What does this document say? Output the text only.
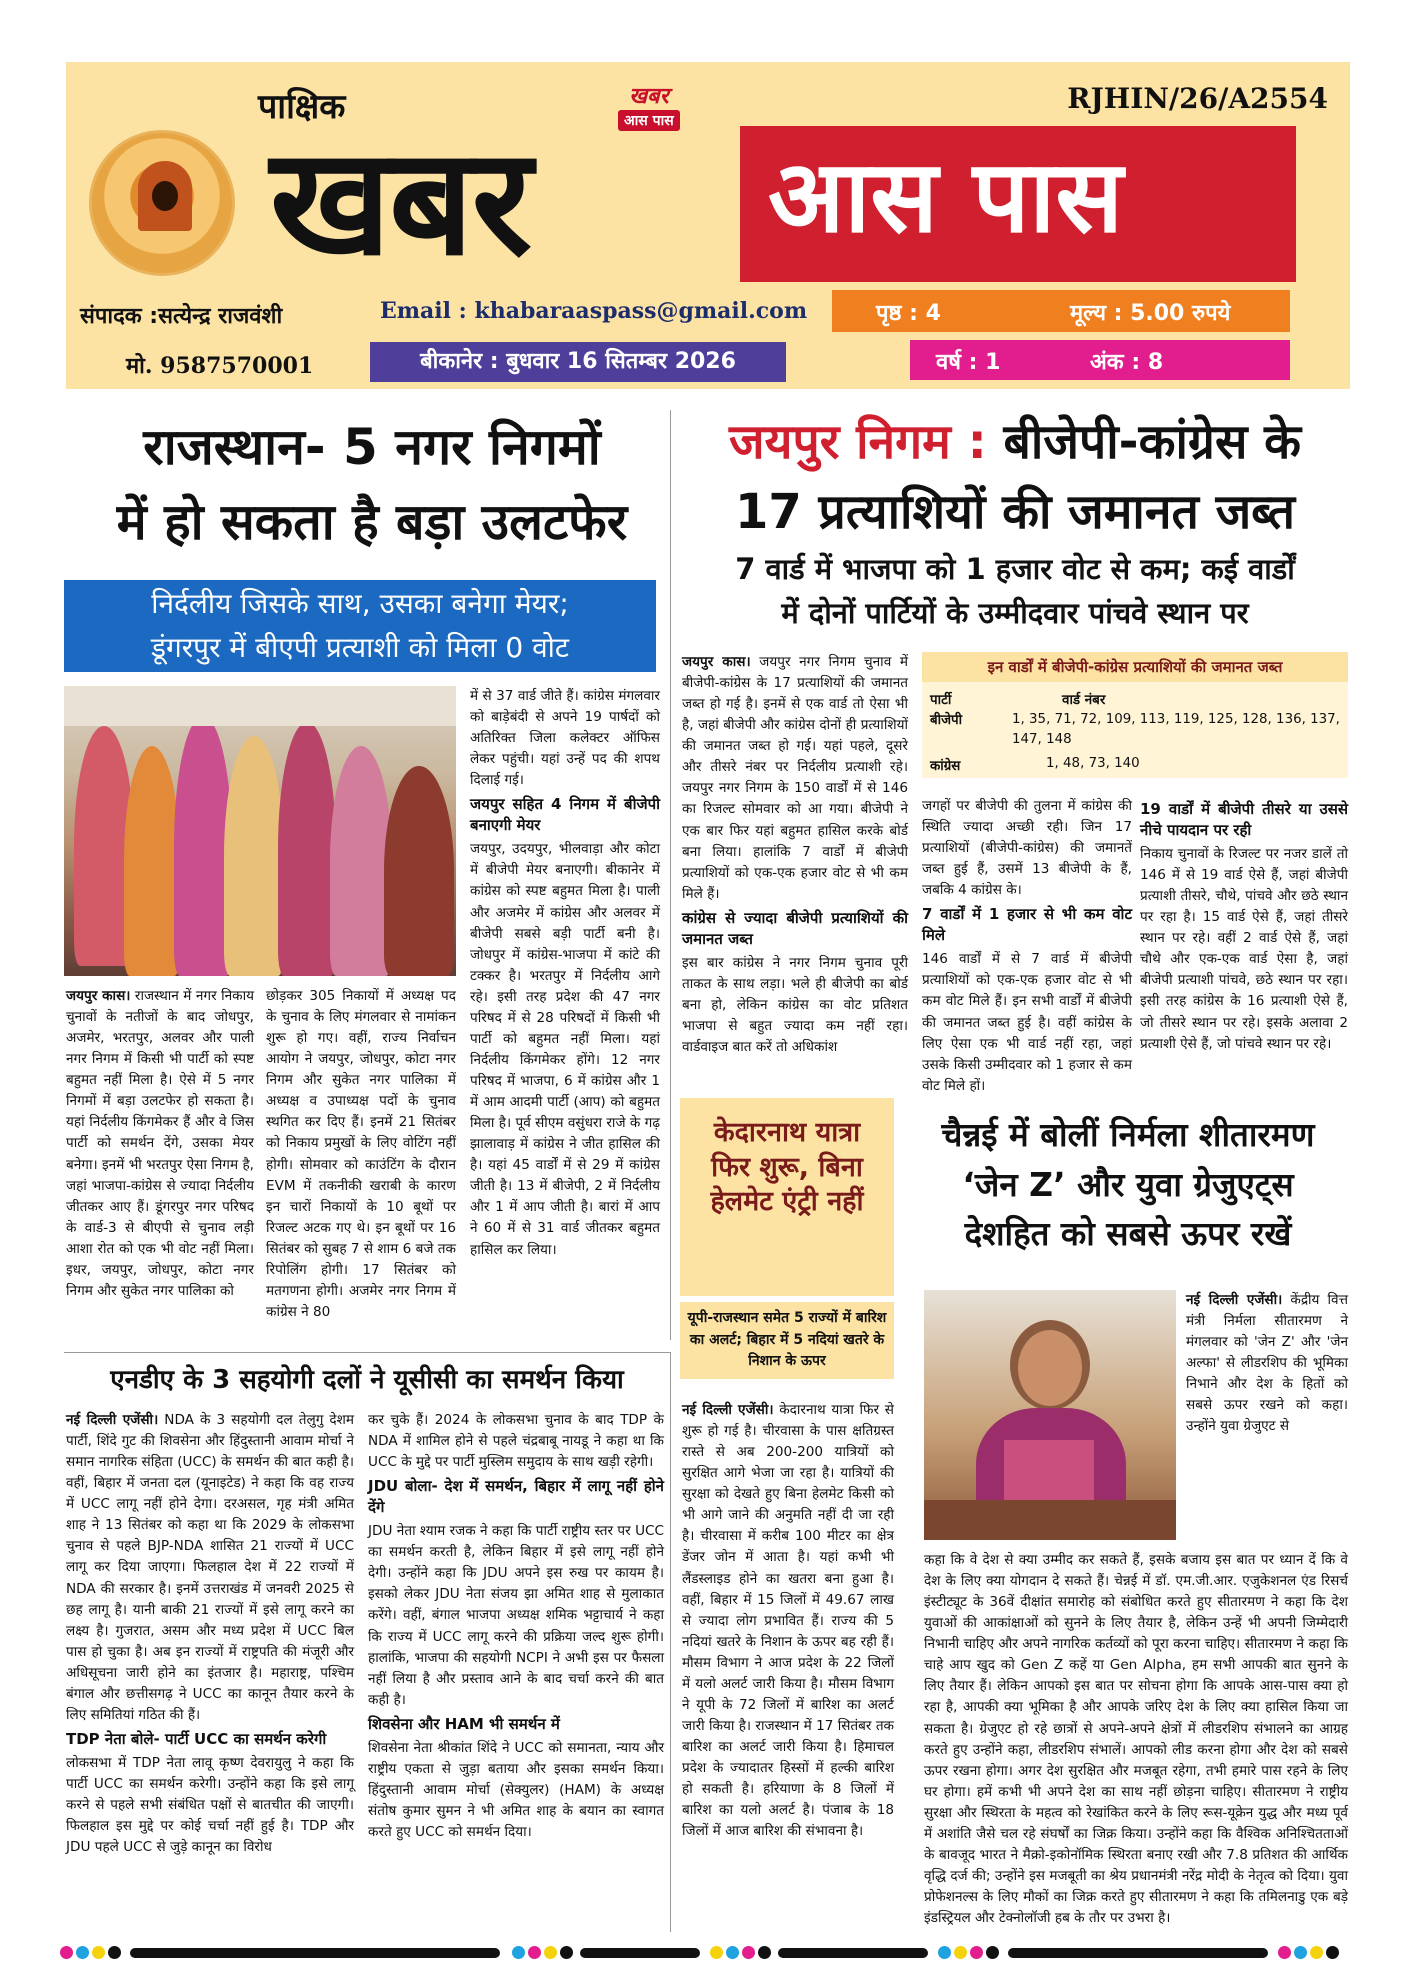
पाक्षिक
खबर
खबर
आस पास
RJHIN/26/A2554
आस पास
संपादक :सत्येन्द्र राजवंशी
मो. 9587570001
Email : khabaraaspass@gmail.com	पृष्ठ : 4	मूल्य : 5.00 रुपये
बीकानेर : बुधवार 16 सितम्बर 2026	वर्ष : 1	अंक : 8
राजस्थान- 5 नगर निगमों
में हो सकता है बड़ा उलटफेर
निर्दलीय जिसके साथ, उसका बनेगा मेयर;
डूंगरपुर में बीएपी प्रत्याशी को मिला 0 वोट
जयपुर कास। राजस्थान में नगर निकाय चुनावों के नतीजों के बाद जोधपुर, अजमेर, भरतपुर, अलवर और पाली नगर निगम में किसी भी पार्टी को स्पष्ट बहुमत नहीं मिला है। ऐसे में 5 नगर निगमों में बड़ा उलटफेर हो सकता है। यहां निर्दलीय किंगमेकर हैं और वे जिस पार्टी को समर्थन देंगे, उसका मेयर बनेगा। इनमें भी भरतपुर ऐसा निगम है, जहां भाजपा-कांग्रेस से ज्यादा निर्दलीय जीतकर आए हैं। डूंगरपुर नगर परिषद के वार्ड-3 से बीएपी से चुनाव लड़ी आशा रोत को एक भी वोट नहीं मिला। इधर, जयपुर, जोधपुर, कोटा नगर निगम और सुकेत नगर पालिका को
छोड़कर 305 निकायों में अध्यक्ष पद के चुनाव के लिए मंगलवार से नामांकन शुरू हो गए। वहीं, राज्य निर्वाचन आयोग ने जयपुर, जोधपुर, कोटा नगर निगम और सुकेत नगर पालिका में अध्यक्ष व उपाध्यक्ष पदों के चुनाव स्थगित कर दिए हैं। इनमें 21 सितंबर को निकाय प्रमुखों के लिए वोटिंग नहीं होगी। सोमवार को काउंटिंग के दौरान EVM में तकनीकी खराबी के कारण इन चारों निकायों के 10 बूथों पर रिजल्ट अटक गए थे। इन बूथों पर 16 सितंबर को सुबह 7 से शाम 6 बजे तक रिपोलिंग होगी। 17 सितंबर को मतगणना होगी। अजमेर नगर निगम में कांग्रेस ने 80
में से 37 वार्ड जीते हैं। कांग्रेस मंगलवार को बाड़ेबंदी से अपने 19 पार्षदों को अतिरिक्त जिला कलेक्टर ऑफिस लेकर पहुंची। यहां उन्हें पद की शपथ दिलाई गई।
जयपुर सहित 4 निगम में बीजेपी बनाएगी मेयर
जयपुर, उदयपुर, भीलवाड़ा और कोटा में बीजेपी मेयर बनाएगी। बीकानेर में कांग्रेस को स्पष्ट बहुमत मिला है। पाली और अजमेर में कांग्रेस और अलवर में बीजेपी सबसे बड़ी पार्टी बनी है। जोधपुर में कांग्रेस-भाजपा में कांटे की टक्कर है। भरतपुर में निर्दलीय आगे रहे। इसी तरह प्रदेश की 47 नगर परिषद में से 28 परिषदों में किसी भी पार्टी को बहुमत नहीं मिला। यहां निर्दलीय किंगमेकर होंगे। 12 नगर परिषद में भाजपा, 6 में कांग्रेस और 1 में आम आदमी पार्टी (आप) को बहुमत मिला है। पूर्व सीएम वसुंधरा राजे के गढ़ झालावाड़ में कांग्रेस ने जीत हासिल की है। यहां 45 वार्डों में से 29 में कांग्रेस जीती है। 13 में बीजेपी, 2 में निर्दलीय और 1 में आप जीती है। बारां में आप ने 60 में से 31 वार्ड जीतकर बहुमत हासिल कर लिया।
जयपुर निगम : बीजेपी-कांग्रेस के
17 प्रत्याशियों की जमानत जब्त
7 वार्ड में भाजपा को 1 हजार वोट से कम; कई वार्डों
में दोनों पार्टियों के उम्मीदवार पांचवे स्थान पर
जयपुर कास। जयपुर नगर निगम चुनाव में बीजेपी-कांग्रेस के 17 प्रत्याशियों की जमानत जब्त हो गई है। इनमें से एक वार्ड तो ऐसा भी है, जहां बीजेपी और कांग्रेस दोनों ही प्रत्याशियों की जमानत जब्त हो गई। यहां पहले, दूसरे और तीसरे नंबर पर निर्दलीय प्रत्याशी रहे। जयपुर नगर निगम के 150 वार्डों में से 146 का रिजल्ट सोमवार को आ गया। बीजेपी ने एक बार फिर यहां बहुमत हासिल करके बोर्ड बना लिया। हालांकि 7 वार्डों में बीजेपी प्रत्याशियों को एक-एक हजार वोट से भी कम मिले हैं।
कांग्रेस से ज्यादा बीजेपी प्रत्याशियों की जमानत जब्त
इस बार कांग्रेस ने नगर निगम चुनाव पूरी ताकत के साथ लड़ा। भले ही बीजेपी का बोर्ड बना हो, लेकिन कांग्रेस का वोट प्रतिशत भाजपा से बहुत ज्यादा कम नहीं रहा। वार्डवाइज बात करें तो अधिकांश
इन वार्डों में बीजेपी-कांग्रेस प्रत्याशियों की जमानत जब्त
पार्टी	वार्ड नंबर
बीजेपी	1, 35, 71, 72, 109, 113, 119, 125, 128, 136, 137, 147, 148
कांग्रेस	1, 48, 73, 140
जगहों पर बीजेपी की तुलना में कांग्रेस की स्थिति ज्यादा अच्छी रही। जिन 17 प्रत्याशियों (बीजेपी-कांग्रेस) की जमानतें जब्त हुई हैं, उसमें 13 बीजेपी के हैं, जबकि 4 कांग्रेस के।
7 वार्डों में 1 हजार से भी कम वोट मिले
146 वार्डों में से 7 वार्ड में बीजेपी प्रत्याशियों को एक-एक हजार वोट से भी कम वोट मिले हैं। इन सभी वार्डों में बीजेपी की जमानत जब्त हुई है। वहीं कांग्रेस के लिए ऐसा एक भी वार्ड नहीं रहा, जहां उसके किसी उम्मीदवार को 1 हजार से कम वोट मिले हों।
19 वार्डों में बीजेपी तीसरे या उससे नीचे पायदान पर रही
निकाय चुनावों के रिजल्ट पर नजर डालें तो 146 में से 19 वार्ड ऐसे हैं, जहां बीजेपी प्रत्याशी तीसरे, चौथे, पांचवे और छठे स्थान पर रहा है। 15 वार्ड ऐसे हैं, जहां तीसरे स्थान पर रहे। वहीं 2 वार्ड ऐसे हैं, जहां चौथे और एक-एक वार्ड ऐसा है, जहां बीजेपी प्रत्याशी पांचवे, छठे स्थान पर रहा। इसी तरह कांग्रेस के 16 प्रत्याशी ऐसे हैं, जो तीसरे स्थान पर रहे। इसके अलावा 2 प्रत्याशी ऐसे हैं, जो पांचवे स्थान पर रहे।
एनडीए के 3 सहयोगी दलों ने यूसीसी का समर्थन किया
नई दिल्ली एजेंसी। NDA के 3 सहयोगी दल तेलुगु देशम पार्टी, शिंदे गुट की शिवसेना और हिंदुस्तानी आवाम मोर्चा ने समान नागरिक संहिता (UCC) के समर्थन की बात कही है। वहीं, बिहार में जनता दल (यूनाइटेड) ने कहा कि वह राज्य में UCC लागू नहीं होने देगा। दरअसल, गृह मंत्री अमित शाह ने 13 सितंबर को कहा था कि 2029 के लोकसभा चुनाव से पहले BJP-NDA शासित 21 राज्यों में UCC लागू कर दिया जाएगा। फिलहाल देश में 22 राज्यों में NDA की सरकार है। इनमें उत्तराखंड में जनवरी 2025 से छह लागू है। यानी बाकी 21 राज्यों में इसे लागू करने का लक्ष्य है। गुजरात, असम और मध्य प्रदेश में UCC बिल पास हो चुका है। अब इन राज्यों में राष्ट्रपति की मंजूरी और अधिसूचना जारी होने का इंतजार है। महाराष्ट्र, पश्चिम बंगाल और छत्तीसगढ़ ने UCC का कानून तैयार करने के लिए समितियां गठित की हैं।
TDP नेता बोले- पार्टी UCC का समर्थन करेगी
लोकसभा में TDP नेता लावू कृष्ण देवरायुलु ने कहा कि पार्टी UCC का समर्थन करेगी। उन्होंने कहा कि इसे लागू करने से पहले सभी संबंधित पक्षों से बातचीत की जाएगी। फिलहाल इस मुद्दे पर कोई चर्चा नहीं हुई है। TDP और JDU पहले UCC से जुड़े कानून का विरोध
कर चुके हैं। 2024 के लोकसभा चुनाव के बाद TDP के NDA में शामिल होने से पहले चंद्रबाबू नायडू ने कहा था कि UCC के मुद्दे पर पार्टी मुस्लिम समुदाय के साथ खड़ी रहेगी।
JDU बोला- देश में समर्थन, बिहार में लागू नहीं होने देंगे
JDU नेता श्याम रजक ने कहा कि पार्टी राष्ट्रीय स्तर पर UCC का समर्थन करती है, लेकिन बिहार में इसे लागू नहीं होने देगी। उन्होंने कहा कि JDU अपने इस रुख पर कायम है। इसको लेकर JDU नेता संजय झा अमित शाह से मुलाकात करेंगे। वहीं, बंगाल भाजपा अध्यक्ष शमिक भट्टाचार्य ने कहा कि राज्य में UCC लागू करने की प्रक्रिया जल्द शुरू होगी। हालांकि, भाजपा की सहयोगी NCPI ने अभी इस पर फैसला नहीं लिया है और प्रस्ताव आने के बाद चर्चा करने की बात कही है।
शिवसेना और HAM भी समर्थन में
शिवसेना नेता श्रीकांत शिंदे ने UCC को समानता, न्याय और राष्ट्रीय एकता से जुड़ा बताया और इसका समर्थन किया। हिंदुस्तानी आवाम मोर्चा (सेक्युलर) (HAM) के अध्यक्ष संतोष कुमार सुमन ने भी अमित शाह के बयान का स्वागत करते हुए UCC को समर्थन दिया।
केदारनाथ यात्रा
फिर शुरू, बिना
हेलमेट एंट्री नहीं
यूपी-राजस्थान समेत 5 राज्यों में बारिश का अलर्ट; बिहार में 5 नदियां खतरे के निशान के ऊपर
नई दिल्ली एजेंसी। केदारनाथ यात्रा फिर से शुरू हो गई है। चीरवासा के पास क्षतिग्रस्त रास्ते से अब 200-200 यात्रियों को सुरक्षित आगे भेजा जा रहा है। यात्रियों की सुरक्षा को देखते हुए बिना हेलमेट किसी को भी आगे जाने की अनुमति नहीं दी जा रही है। चीरवासा में करीब 100 मीटर का क्षेत्र डेंजर जोन में आता है। यहां कभी भी लैंडस्लाइड होने का खतरा बना हुआ है। वहीं, बिहार में 15 जिलों में 49.67 लाख से ज्यादा लोग प्रभावित हैं। राज्य की 5 नदियां खतरे के निशान के ऊपर बह रही हैं। मौसम विभाग ने आज प्रदेश के 22 जिलों में यलो अलर्ट जारी किया है। मौसम विभाग ने यूपी के 72 जिलों में बारिश का अलर्ट जारी किया है। राजस्थान में 17 सितंबर तक बारिश का अलर्ट जारी किया है। हिमाचल प्रदेश के ज्यादातर हिस्सों में हल्की बारिश हो सकती है। हरियाणा के 8 जिलों में बारिश का यलो अलर्ट है। पंजाब के 18 जिलों में आज बारिश की संभावना है।
चैन्नई में बोलीं निर्मला शीतारमण
‘जेन Z’ और युवा ग्रेजुएट्स
देशहित को सबसे ऊपर रखें
नई दिल्ली एजेंसी। केंद्रीय वित्त मंत्री निर्मला सीतारमण ने मंगलवार को 'जेन Z' और 'जेन अल्फा' से लीडरशिप की भूमिका निभाने और देश के हितों को सबसे ऊपर रखने को कहा। उन्होंने युवा ग्रेजुएट से
कहा कि वे देश से क्या उम्मीद कर सकते हैं, इसके बजाय इस बात पर ध्यान दें कि वे देश के लिए क्या योगदान दे सकते हैं। चेन्नई में डॉ. एम.जी.आर. एजुकेशनल एंड रिसर्च इंस्टीट्यूट के 36वें दीक्षांत समारोह को संबोधित करते हुए सीतारमण ने कहा कि देश युवाओं की आकांक्षाओं को सुनने के लिए तैयार है, लेकिन उन्हें भी अपनी जिम्मेदारी निभानी चाहिए और अपने नागरिक कर्तव्यों को पूरा करना चाहिए। सीतारमण ने कहा कि चाहे आप खुद को Gen Z कहें या Gen Alpha, हम सभी आपकी बात सुनने के लिए तैयार हैं। लेकिन आपको इस बात पर सोचना होगा कि आपके आस-पास क्या हो रहा है, आपकी क्या भूमिका है और आपके जरिए देश के लिए क्या हासिल किया जा सकता है। ग्रेजुएट हो रहे छात्रों से अपने-अपने क्षेत्रों में लीडरशिप संभालने का आग्रह करते हुए उन्होंने कहा, लीडरशिप संभालें। आपको लीड करना होगा और देश को सबसे ऊपर रखना होगा। अगर देश सुरक्षित और मजबूत रहेगा, तभी हमारे पास रहने के लिए घर होगा। हमें कभी भी अपने देश का साथ नहीं छोड़ना चाहिए। सीतारमण ने राष्ट्रीय सुरक्षा और स्थिरता के महत्व को रेखांकित करने के लिए रूस-यूक्रेन युद्ध और मध्य पूर्व में अशांति जैसे चल रहे संघर्षों का जिक्र किया। उन्होंने कहा कि वैश्विक अनिश्चितताओं के बावजूद भारत ने मैक्रो-इकोनॉमिक स्थिरता बनाए रखी और 7.8 प्रतिशत की आर्थिक वृद्धि दर्ज की; उन्होंने इस मजबूती का श्रेय प्रधानमंत्री नरेंद्र मोदी के नेतृत्व को दिया। युवा प्रोफेशनल्स के लिए मौकों का जिक्र करते हुए सीतारमण ने कहा कि तमिलनाडु एक बड़े इंडस्ट्रियल और टेक्नोलॉजी हब के तौर पर उभरा है।
